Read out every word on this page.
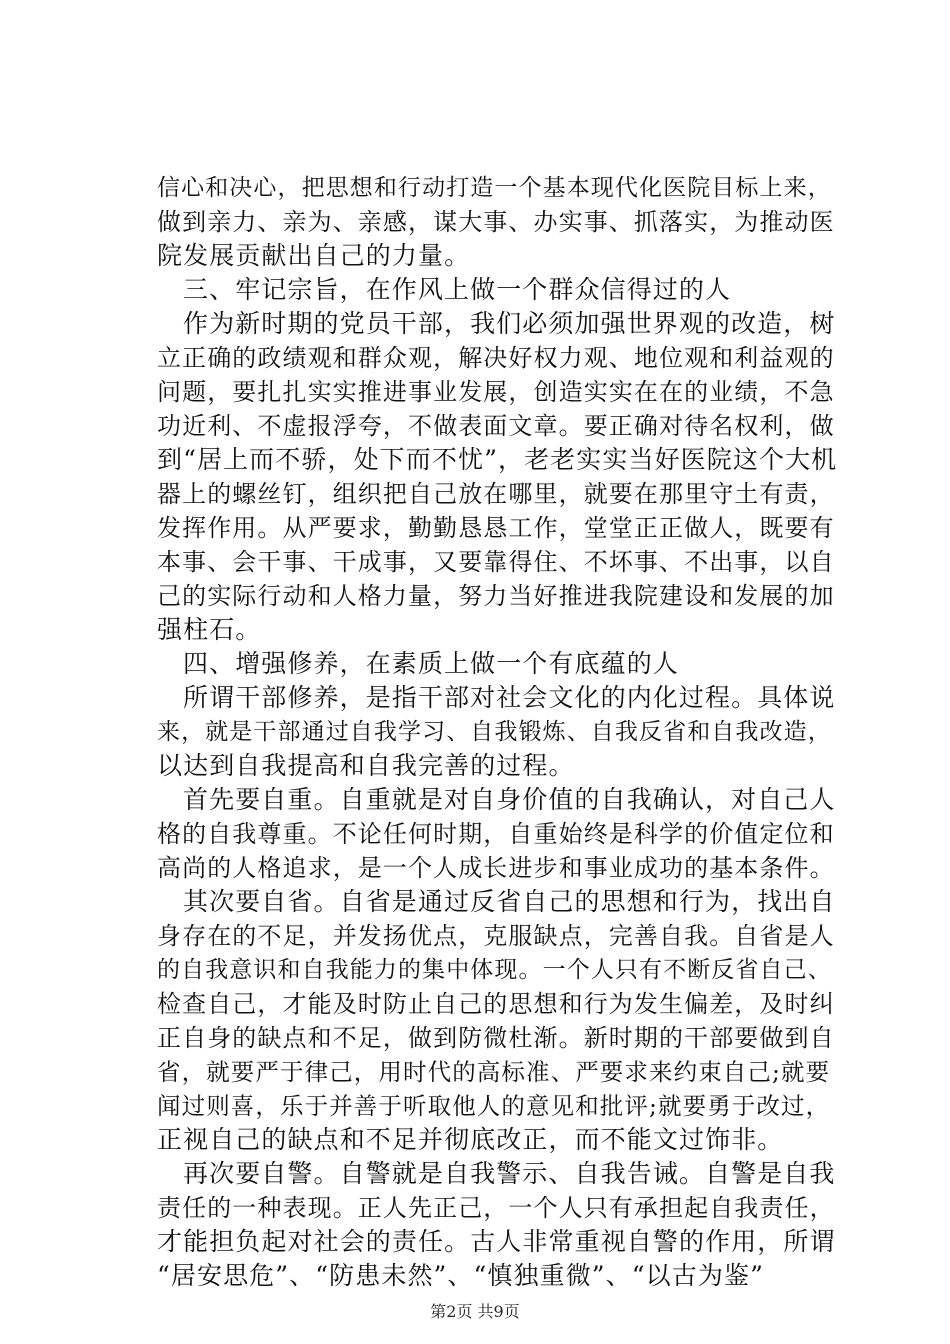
信心和决心，把思想和行动打造一个基本现代化医院目标上来，
做到亲力、亲为、亲感，谋大事、办实事、抓落实，为推动医
院发展贡献出自己的力量。
三、牢记宗旨，在作风上做一个群众信得过的人
作为新时期的党员干部，我们必须加强世界观的改造，树
立正确的政绩观和群众观，解决好权力观、地位观和利益观的
问题，要扎扎实实推进事业发展，创造实实在在的业绩，不急
功近利、不虚报浮夸，不做表面文章。要正确对待名权利，做
到“居上而不骄，处下而不忧”，老老实实当好医院这个大机
器上的螺丝钉，组织把自己放在哪里，就要在那里守土有责，
发挥作用。从严要求，勤勤恳恳工作，堂堂正正做人，既要有
本事、会干事、干成事，又要靠得住、不坏事、不出事，以自
己的实际行动和人格力量，努力当好推进我院建设和发展的加
强柱石。
四、增强修养，在素质上做一个有底蕴的人
所谓干部修养，是指干部对社会文化的内化过程。具体说
来，就是干部通过自我学习、自我锻炼、自我反省和自我改造，
以达到自我提高和自我完善的过程。
首先要自重。自重就是对自身价值的自我确认，对自己人
格的自我尊重。不论任何时期，自重始终是科学的价值定位和
高尚的人格追求，是一个人成长进步和事业成功的基本条件。
其次要自省。自省是通过反省自己的思想和行为，找出自
身存在的不足，并发扬优点，克服缺点，完善自我。自省是人
的自我意识和自我能力的集中体现。一个人只有不断反省自己、
检查自己，才能及时防止自己的思想和行为发生偏差，及时纠
正自身的缺点和不足，做到防微杜渐。新时期的干部要做到自
省，就要严于律己，用时代的高标准、严要求来约束自己;就要
闻过则喜，乐于并善于听取他人的意见和批评;就要勇于改过，
正视自己的缺点和不足并彻底改正，而不能文过饰非。
再次要自警。自警就是自我警示、自我告诫。自警是自我
责任的一种表现。正人先正己，一个人只有承担起自我责任，
才能担负起对社会的责任。古人非常重视自警的作用，所谓
“居安思危”、“防患未然”、“慎独重微”、“以古为鉴”
第2页 共9页
